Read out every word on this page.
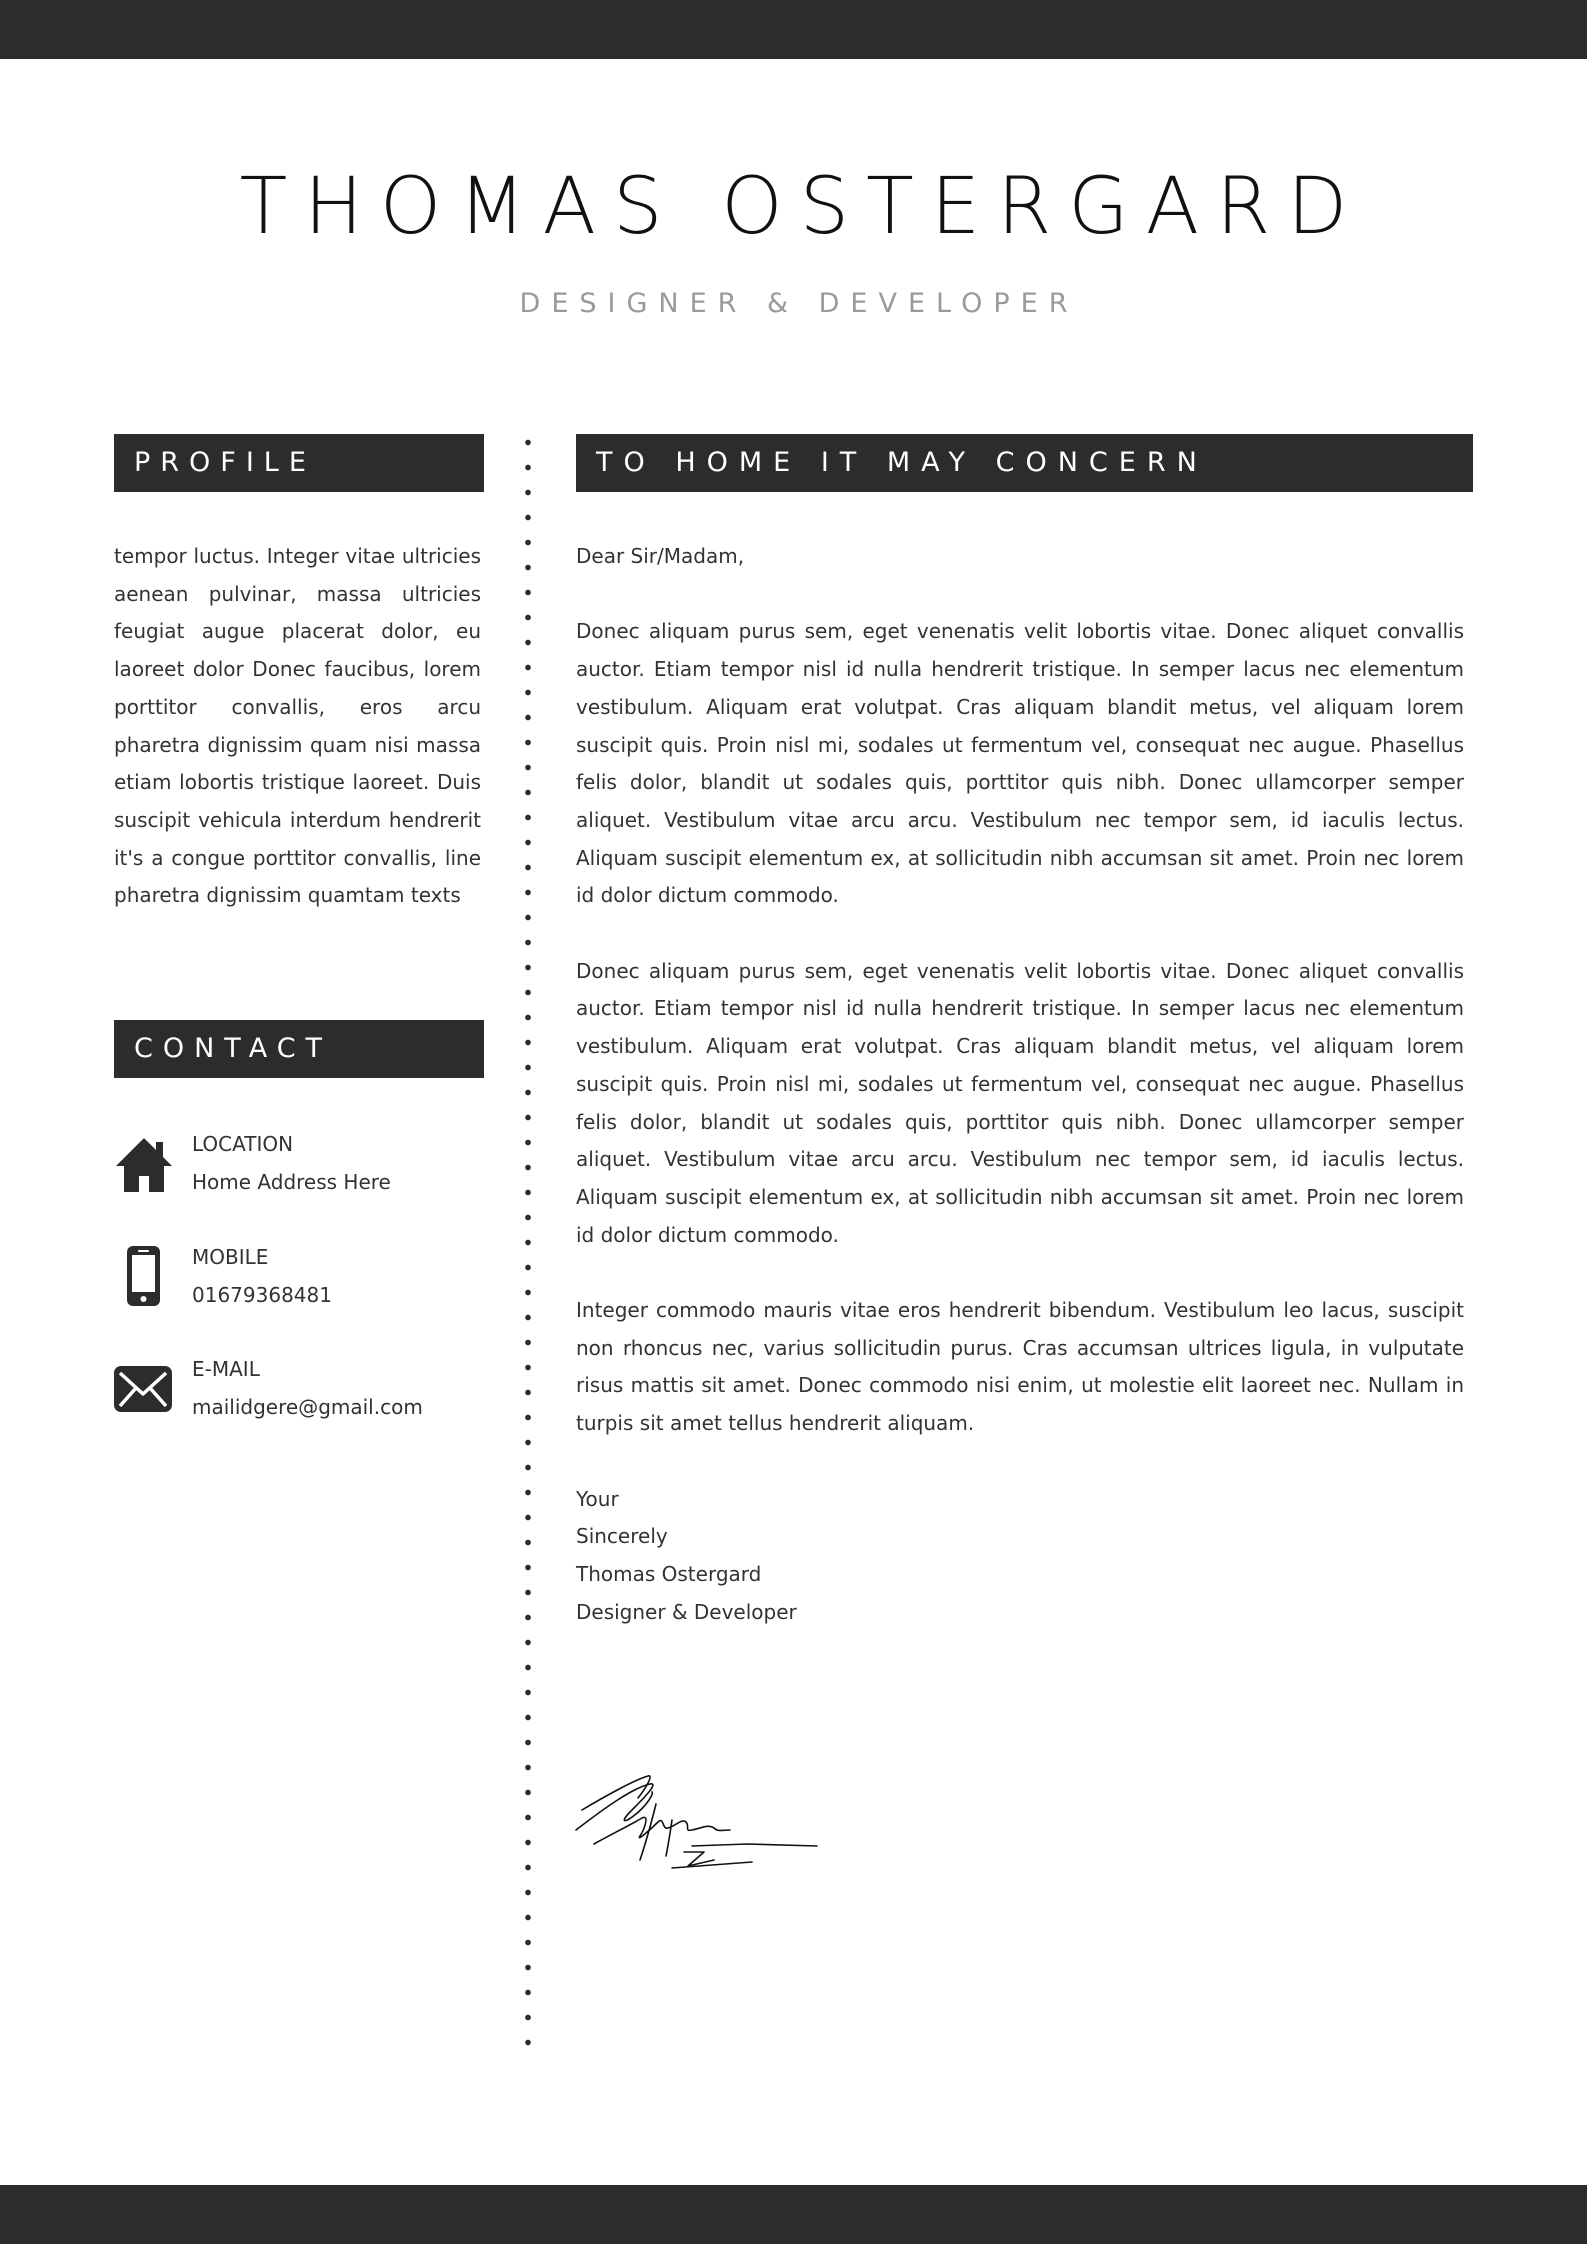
THOMAS OSTERGARD
DESIGNER & DEVELOPER
PROFILE

tempor luctus. Integer vitae ultricies aenean pulvinar, massa ultricies feugiat augue placerat dolor, eu laoreet dolor Donec faucibus, lorem porttitor convallis, eros arcu pharetra dignissim quam nisi massa etiam lobortis tristique laoreet. Duis suscipit vehicula interdum hendrerit it's a congue porttitor convallis, line pharetra dignissim quamtam texts

CONTACT
LOCATION
Home Address Here
MOBILE
01679368481
E-MAIL
mailidgere@gmail.com
TO HOME IT MAY CONCERN

Dear Sir/Madam,

Donec aliquam purus sem, eget venenatis velit lobortis vitae. Donec aliquet convallis auctor. Etiam tempor nisl id nulla hendrerit tristique. In semper lacus nec elementum vestibulum. Aliquam erat volutpat. Cras aliquam blandit metus, vel aliquam lorem suscipit quis. Proin nisl mi, sodales ut fermentum vel, consequat nec augue. Phasellus felis dolor, blandit ut sodales quis, porttitor quis nibh. Donec ullamcorper semper aliquet. Vestibulum vitae arcu arcu. Vestibulum nec tempor sem, id iaculis lectus. Aliquam suscipit elementum ex, at sollicitudin nibh accumsan sit amet. Proin nec lorem id dolor dictum commodo.

Donec aliquam purus sem, eget venenatis velit lobortis vitae. Donec aliquet convallis auctor. Etiam tempor nisl id nulla hendrerit tristique. In semper lacus nec elementum vestibulum. Aliquam erat volutpat. Cras aliquam blandit metus, vel aliquam lorem suscipit quis. Proin nisl mi, sodales ut fermentum vel, consequat nec augue. Phasellus felis dolor, blandit ut sodales quis, porttitor quis nibh. Donec ullamcorper semper aliquet. Vestibulum vitae arcu arcu. Vestibulum nec tempor sem, id iaculis lectus. Aliquam suscipit elementum ex, at sollicitudin nibh accumsan sit amet. Proin nec lorem id dolor dictum commodo.

Integer commodo mauris vitae eros hendrerit bibendum. Vestibulum leo lacus, suscipit non rhoncus nec, varius sollicitudin purus. Cras accumsan ultrices ligula, in vulputate risus mattis sit amet. Donec commodo nisi enim, ut molestie elit laoreet nec. Nullam in turpis sit amet tellus hendrerit aliquam.

Your
Sincerely
Thomas Ostergard
Designer & Developer
